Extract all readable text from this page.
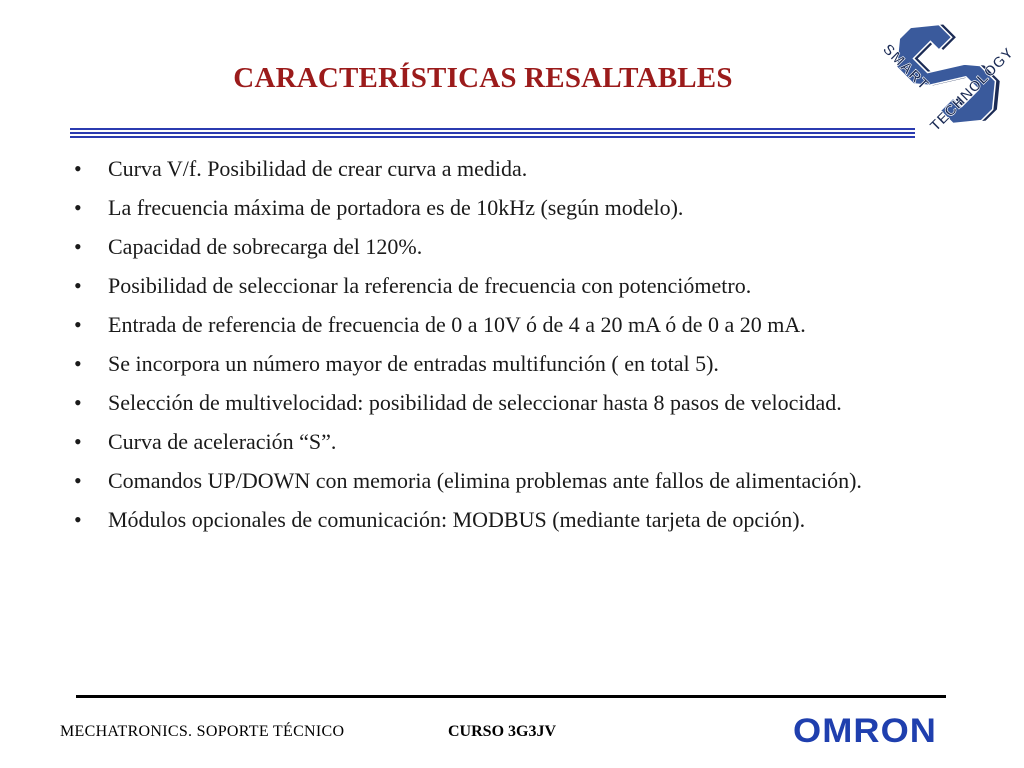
CARACTERÍSTICAS RESALTABLES	SMART
TECHNOLOGY
• Curva V/f. Posibilidad de crear curva a medida.
• La frecuencia máxima de portadora es de 10kHz (según modelo).
• Capacidad de sobrecarga del 120%.
• Posibilidad de seleccionar la referencia de frecuencia con potenciómetro.
• Entrada de referencia de frecuencia de 0 a 10V ó de 4 a 20 mA ó de 0 a 20 mA.
• Se incorpora un número mayor de entradas multifunción ( en total 5).
• Selección de multivelocidad: posibilidad de seleccionar hasta 8 pasos de velocidad.
• Curva de aceleración “S”.
• Comandos UP/DOWN con memoria (elimina problemas ante fallos de alimentación).
• Módulos opcionales de comunicación: MODBUS (mediante tarjeta de opción).
MECHATRONICS. SOPORTE TÉCNICO	CURSO 3G3JV	OMRON
